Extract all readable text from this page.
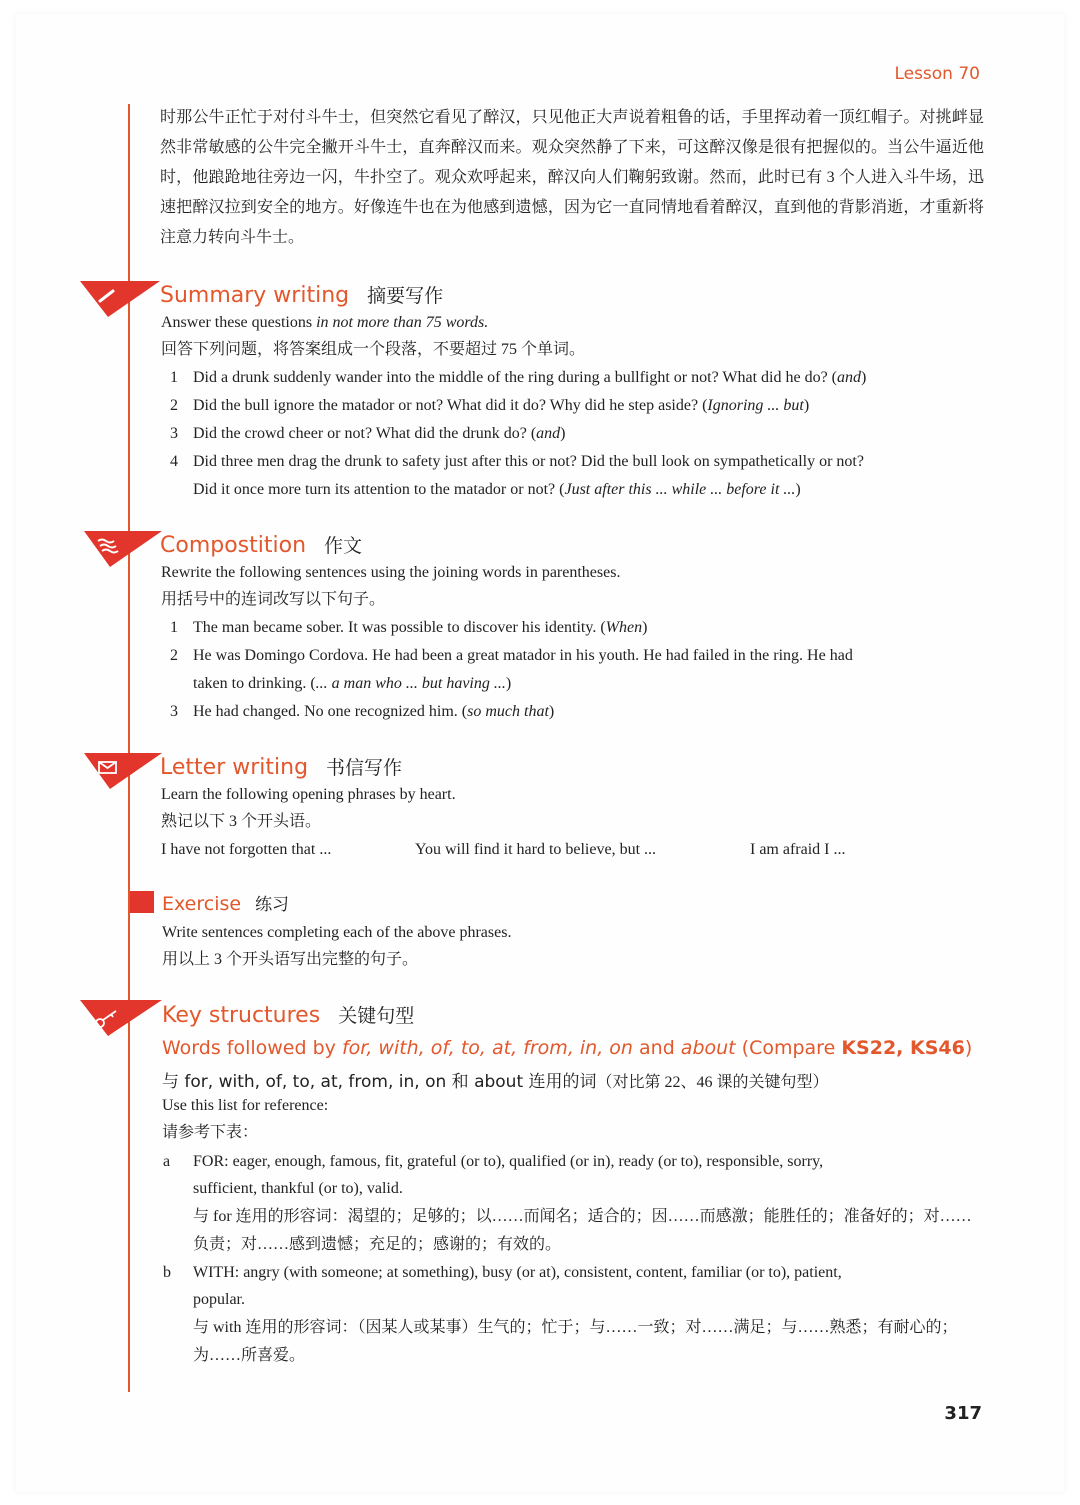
Lesson 70

时那公牛正忙于对付斗牛士，但突然它看见了醉汉，只见他正大声说着粗鲁的话，手里挥动着一顶红帽子。对挑衅显然非常敏感的公牛完全撇开斗牛士，直奔醉汉而来。观众突然静了下来，可这醉汉像是很有把握似的。当公牛逼近他时，他踉跄地往旁边一闪，牛扑空了。观众欢呼起来，醉汉向人们鞠躬致谢。然而，此时已有 3 个人进入斗牛场，迅速把醉汉拉到安全的地方。好像连牛也在为他感到遗憾，因为它一直同情地看着醉汉，直到他的背影消逝，才重新将注意力转向斗牛士。

Summary writing 摘要写作
Answer these questions in not more than 75 words.
回答下列问题，将答案组成一个段落，不要超过 75 个单词。
1 Did a drunk suddenly wander into the middle of the ring during a bullfight or not? What did he do? (and)
2 Did the bull ignore the matador or not? What did it do? Why did he step aside? (Ignoring ... but)
3 Did the crowd cheer or not? What did the drunk do? (and)
4 Did three men drag the drunk to safety just after this or not? Did the bull look on sympathetically or not?
Did it once more turn its attention to the matador or not? (Just after this ... while ... before it ...)
Compostition 作文
Rewrite the following sentences using the joining words in parentheses.
用括号中的连词改写以下句子。
1 The man became sober. It was possible to discover his identity. (When)
2 He was Domingo Cordova. He had been a great matador in his youth. He had failed in the ring. He had
taken to drinking. (... a man who ... but having ...)
3 He had changed. No one recognized him. (so much that)
Letter writing 书信写作
Learn the following opening phrases by heart.
熟记以下 3 个开头语。
I have not forgotten that ...	You will find it hard to believe, but ...	I am afraid I ...
Exercise 练习
Write sentences completing each of the above phrases.
用以上 3 个开头语写出完整的句子。
Key structures 关键句型
Words followed by for, with, of, to, at, from, in, on and about (Compare KS22, KS46)
与 for, with, of, to, at, from, in, on 和 about 连用的词（对比第 22、46 课的关键句型）
Use this list for reference:
请参考下表：
a FOR: eager, enough, famous, fit, grateful (or to), qualified (or in), ready (or to), responsible, sorry,
sufficient, thankful (or to), valid.
与 for 连用的形容词：渴望的；足够的；以……而闻名；适合的；因……而感激；能胜任的；准备好的；对……
负责；对……感到遗憾；充足的；感谢的；有效的。
b WITH: angry (with someone; at something), busy (or at), consistent, content, familiar (or to), patient,
popular.
与 with 连用的形容词：（因某人或某事）生气的；忙于；与……一致；对……满足；与……熟悉；有耐心的；
为……所喜爱。
317
